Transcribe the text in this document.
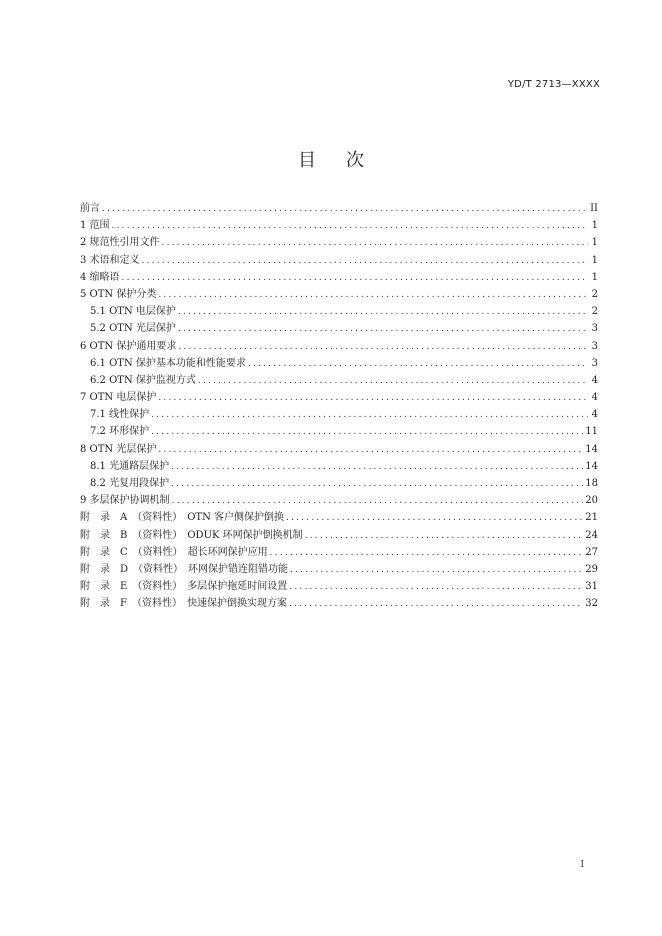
YD/T 2713—XXXX
目次
前言 .....	II
1 范围 .....	1
2 规范性引用文件 .....	1
3 术语和定义 .....	1
4 缩略语 .....	1
5 OTN 保护分类 .....	2
5.1 OTN 电层保护 .....	2
5.2 OTN 光层保护 .....	3
6 OTN 保护通用要求 .....	3
6.1 OTN 保护基本功能和性能要求 .....	3
6.2 OTN 保护监视方式 .....	4
7 OTN 电层保护 .....	4
7.1 线性保护 .....	4
7.2 环形保护 .....	11
8 OTN 光层保护 .....	14
8.1 光通路层保护 .....	14
8.2 光复用段保护 .....	18
9 多层保护协调机制 .....	20
附　录　A　（资料性）　OTN 客户侧保护倒换 .....	21
附　录　B　（资料性）　ODUK 环网保护倒换机制 .....	24
附　录　C　（资料性）　超长环网保护应用 .....	27
附　录　D　（资料性）　环网保护错连阻错功能 .....	29
附　录　E　（资料性）　多层保护拖延时间设置 .....	31
附　录　F　（资料性）　快速保护倒换实现方案 .....	32
I
